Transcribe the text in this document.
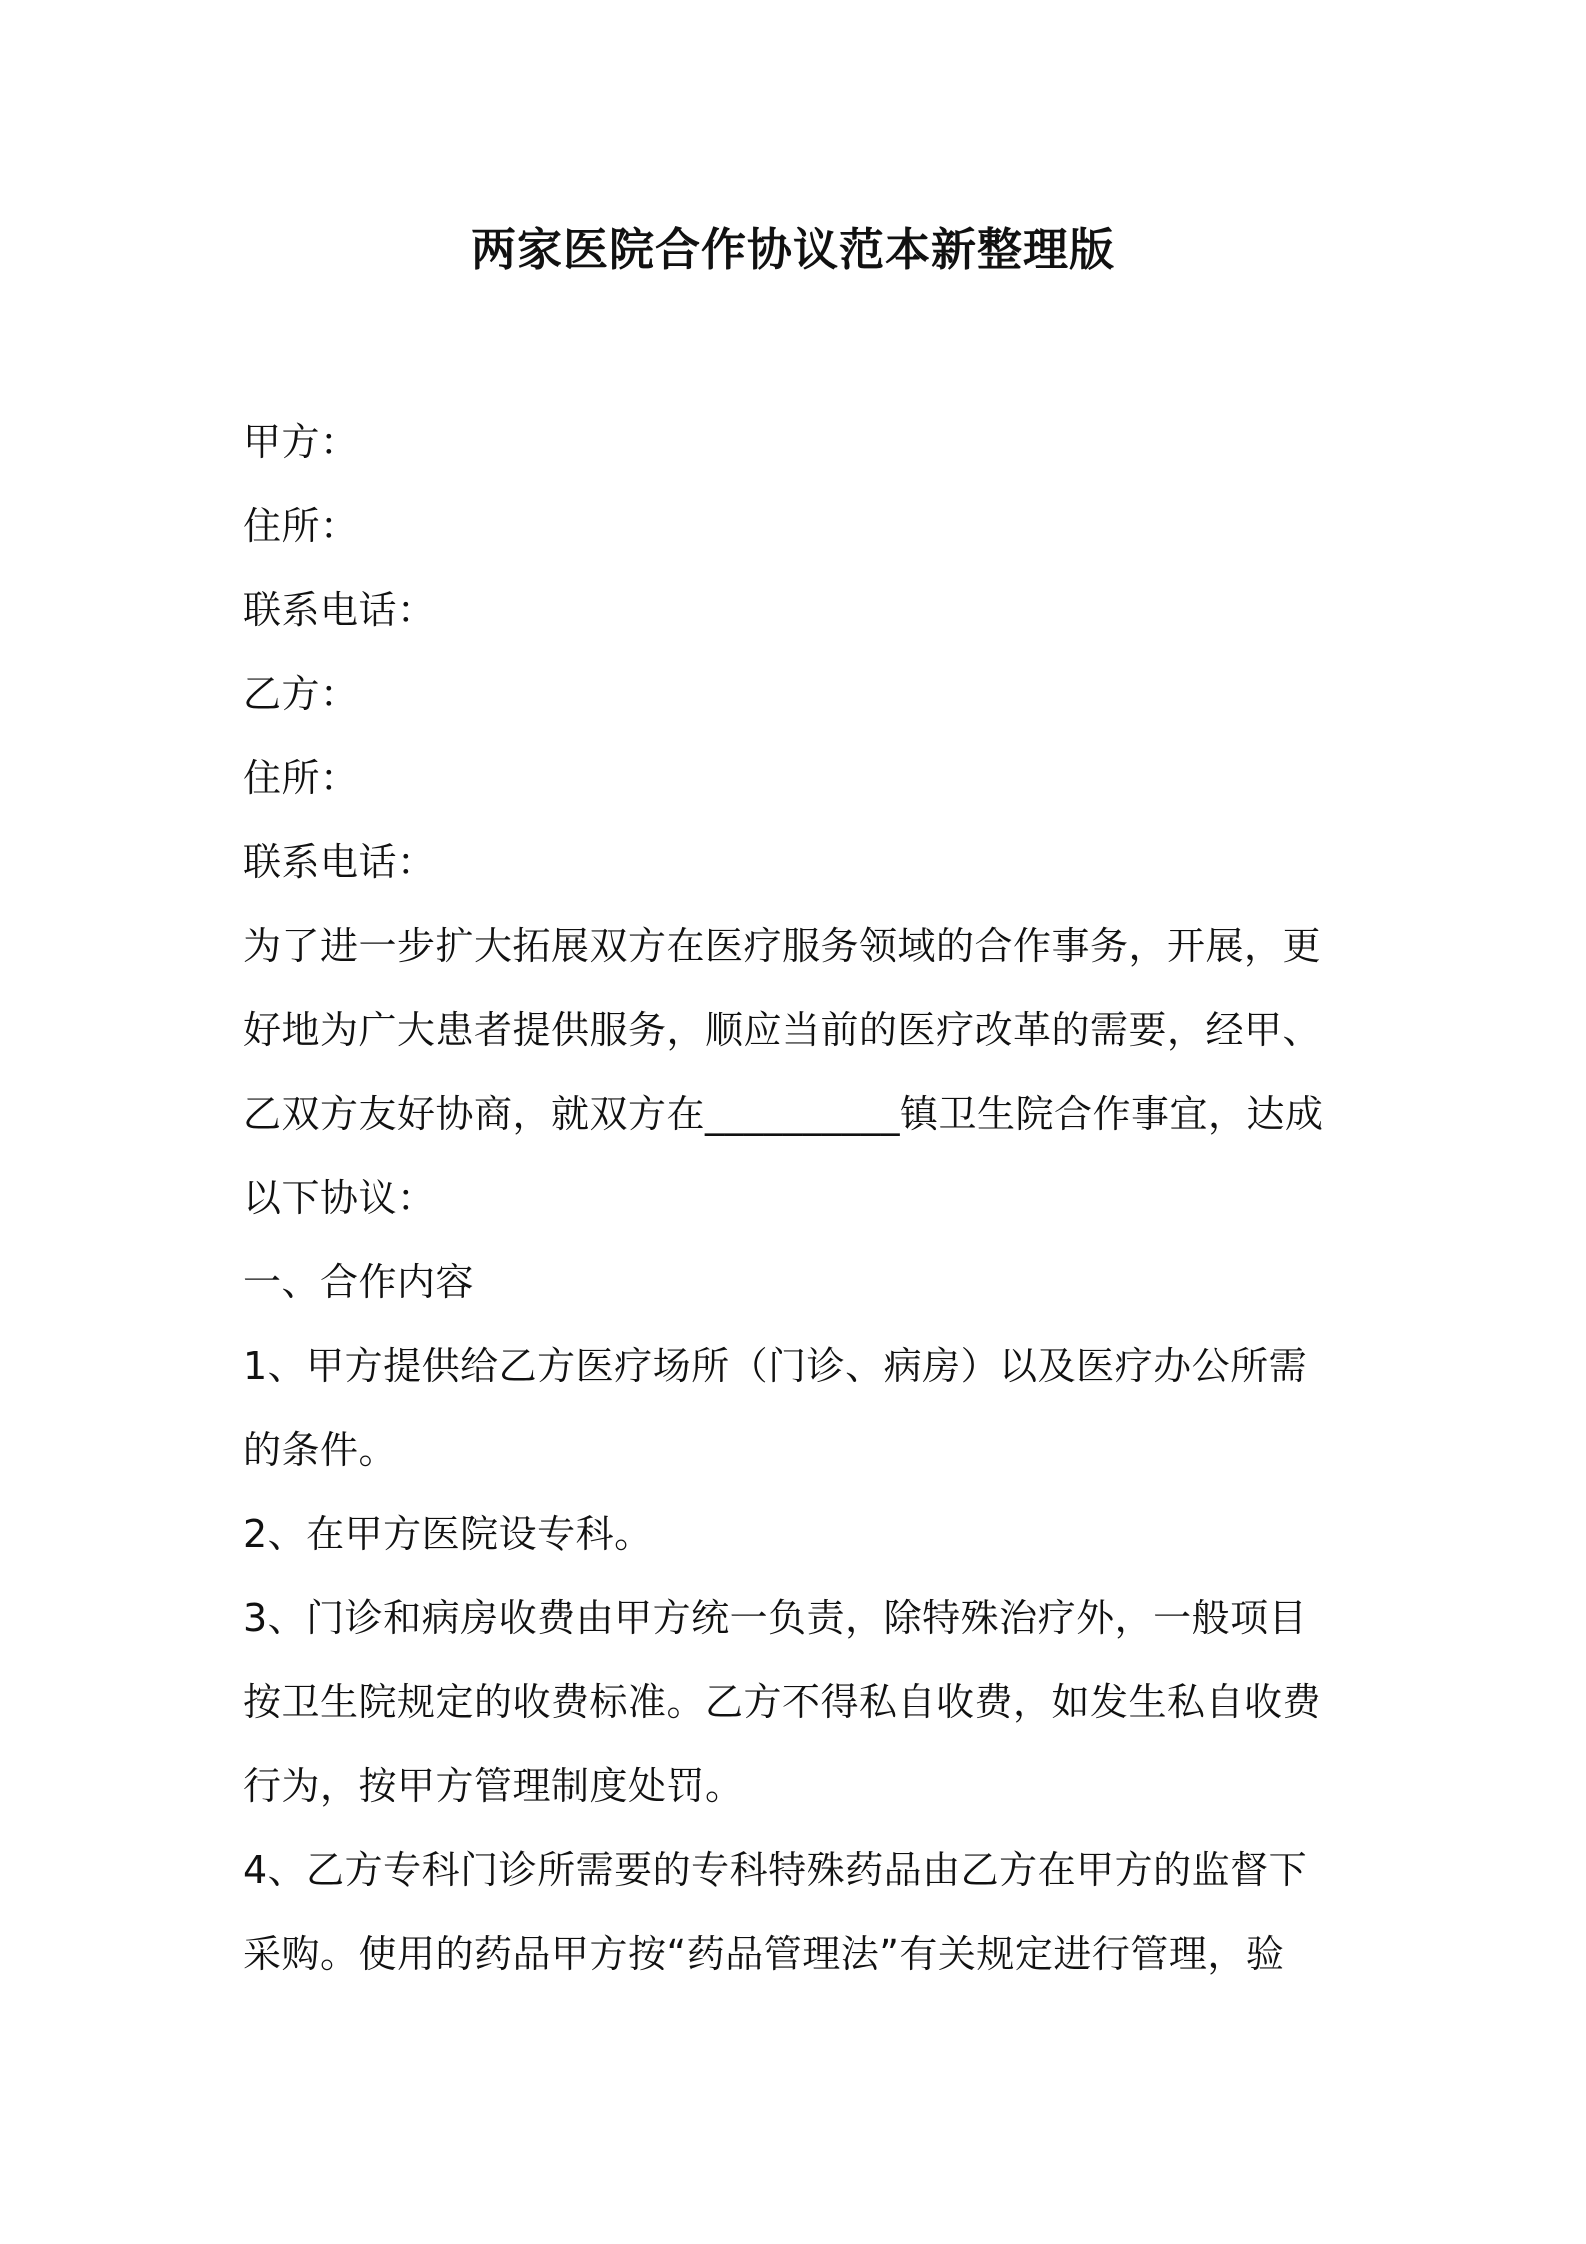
两家医院合作协议范本新整理版

甲方：

住所：

联系电话：

乙方：

住所：

联系电话：

为了进一步扩大拓展双方在医疗服务领域的合作事务，开展，更

好地为广大患者提供服务，顺应当前的医疗改革的需要，经甲、

乙双方友好协商，就双方在__________镇卫生院合作事宜，达成

以下协议：

一、合作内容

1、甲方提供给乙方医疗场所（门诊、病房）以及医疗办公所需

的条件。

2、在甲方医院设专科。

3、门诊和病房收费由甲方统一负责，除特殊治疗外，一般项目

按卫生院规定的收费标准。乙方不得私自收费，如发生私自收费

行为，按甲方管理制度处罚。

4、乙方专科门诊所需要的专科特殊药品由乙方在甲方的监督下

采购。使用的药品甲方按“药品管理法”有关规定进行管理，验
